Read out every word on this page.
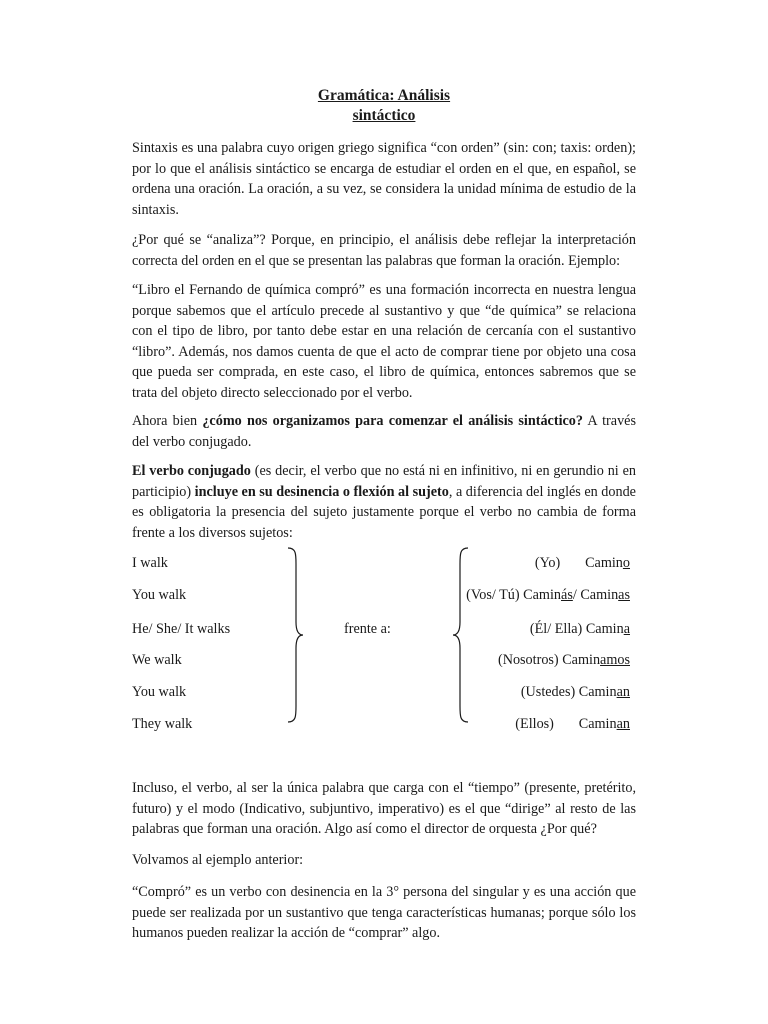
Gramática: Análisis
sintáctico

Sintaxis es una palabra cuyo origen griego significa “con orden” (sin: con; taxis: orden); por lo que el análisis sintáctico se encarga de estudiar el orden en el que, en español, se ordena una oración. La oración, a su vez, se considera la unidad mínima de estudio de la sintaxis.

¿Por qué se “analiza”? Porque, en principio, el análisis debe reflejar la interpretación correcta del orden en el que se presentan las palabras que forman la oración. Ejemplo:

“Libro el Fernando de química compró” es una formación incorrecta en nuestra lengua porque sabemos que el artículo precede al sustantivo y que “de química” se relaciona con el tipo de libro, por tanto debe estar en una relación de cercanía con el sustantivo “libro”. Además, nos damos cuenta de que el acto de comprar tiene por objeto una cosa que pueda ser comprada, en este caso, el libro de química, entonces sabremos que se trata del objeto directo seleccionado por el verbo.

Ahora bien ¿cómo nos organizamos para comenzar el análisis sintáctico? A través del verbo conjugado.

El verbo conjugado (es decir, el verbo que no está ni en infinitivo, ni en gerundio ni en participio) incluye en su desinencia o flexión al sujeto, a diferencia del inglés en donde es obligatoria la presencia del sujeto justamente porque el verbo no cambia de forma frente a los diversos sujetos:

I walk
You walk
He/ She/ It walks
We walk
You walk
They walk
frente a:
(Yo) Camino
(Vos/ Tú) Caminás/ Caminas
(Él/ Ella) Camina
(Nosotros) Caminamos
(Ustedes) Caminan
(Ellos) Caminan

Incluso, el verbo, al ser la única palabra que carga con el “tiempo” (presente, pretérito, futuro) y el modo (Indicativo, subjuntivo, imperativo) es el que “dirige” al resto de las palabras que forman una oración. Algo así como el director de orquesta ¿Por qué?

Volvamos al ejemplo anterior:

“Compró” es un verbo con desinencia en la 3° persona del singular y es una acción que puede ser realizada por un sustantivo que tenga características humanas; porque sólo los humanos pueden realizar la acción de “comprar” algo.
